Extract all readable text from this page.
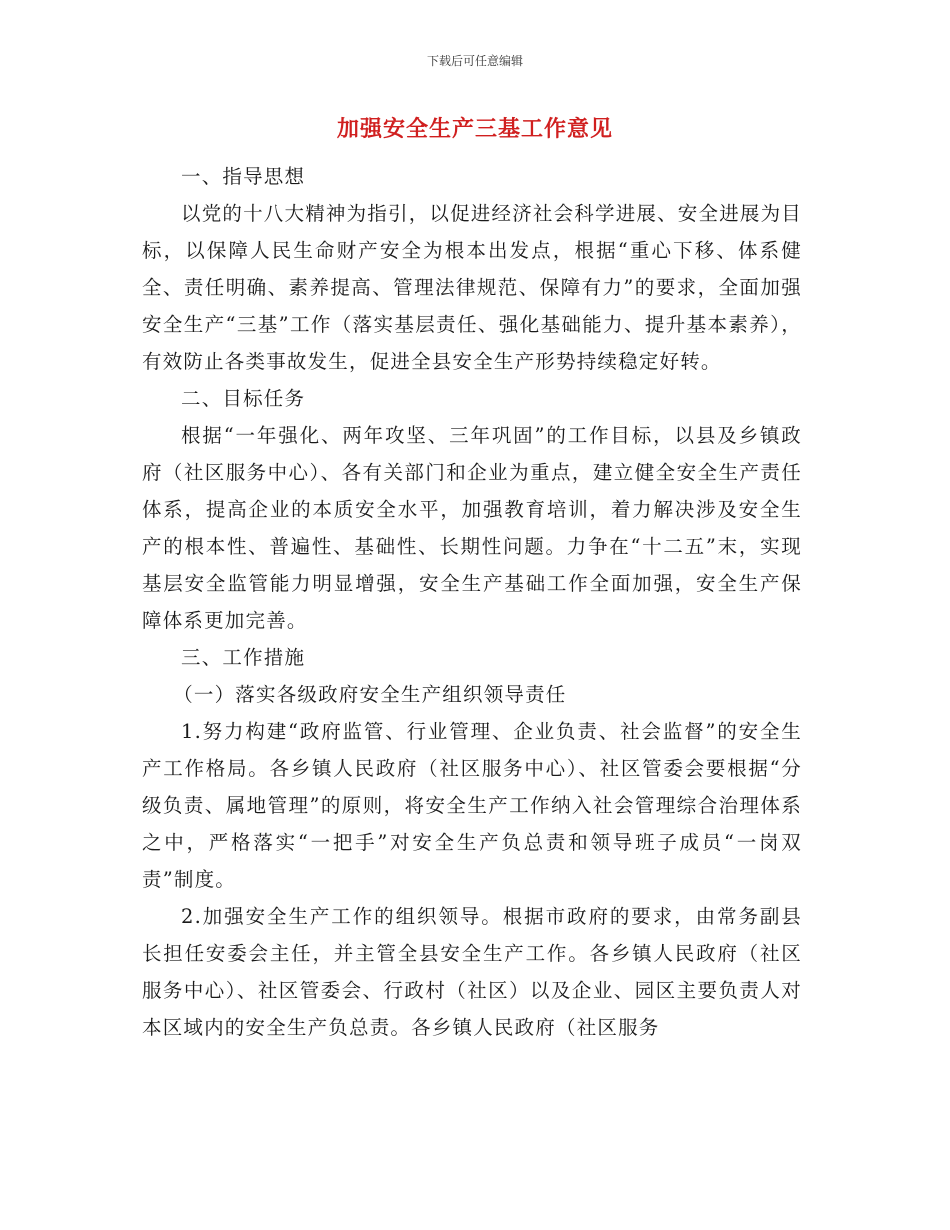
下载后可任意编辑
加强安全生产三基工作意见

一、指导思想

以党的十八大精神为指引，以促进经济社会科学进展、安全进展为目标，以保障人民生命财产安全为根本出发点，根据“重心下移、体系健全、责任明确、素养提高、管理法律规范、保障有力”的要求，全面加强安全生产“三基”工作（落实基层责任、强化基础能力、提升基本素养），有效防止各类事故发生，促进全县安全生产形势持续稳定好转。

二、目标任务

根据“一年强化、两年攻坚、三年巩固”的工作目标，以县及乡镇政府（社区服务中心）、各有关部门和企业为重点，建立健全安全生产责任体系，提高企业的本质安全水平，加强教育培训，着力解决涉及安全生产的根本性、普遍性、基础性、长期性问题。力争在“十二五”末，实现基层安全监管能力明显增强，安全生产基础工作全面加强，安全生产保障体系更加完善。

三、工作措施

（一）落实各级政府安全生产组织领导责任

1.努力构建“政府监管、行业管理、企业负责、社会监督”的安全生产工作格局。各乡镇人民政府（社区服务中心）、社区管委会要根据“分级负责、属地管理”的原则，将安全生产工作纳入社会管理综合治理体系之中，严格落实“一把手”对安全生产负总责和领导班子成员“一岗双责”制度。

2.加强安全生产工作的组织领导。根据市政府的要求，由常务副县长担任安委会主任，并主管全县安全生产工作。各乡镇人民政府（社区服务中心）、社区管委会、行政村（社区）以及企业、园区主要负责人对本区域内的安全生产负总责。各乡镇人民政府（社区服务
